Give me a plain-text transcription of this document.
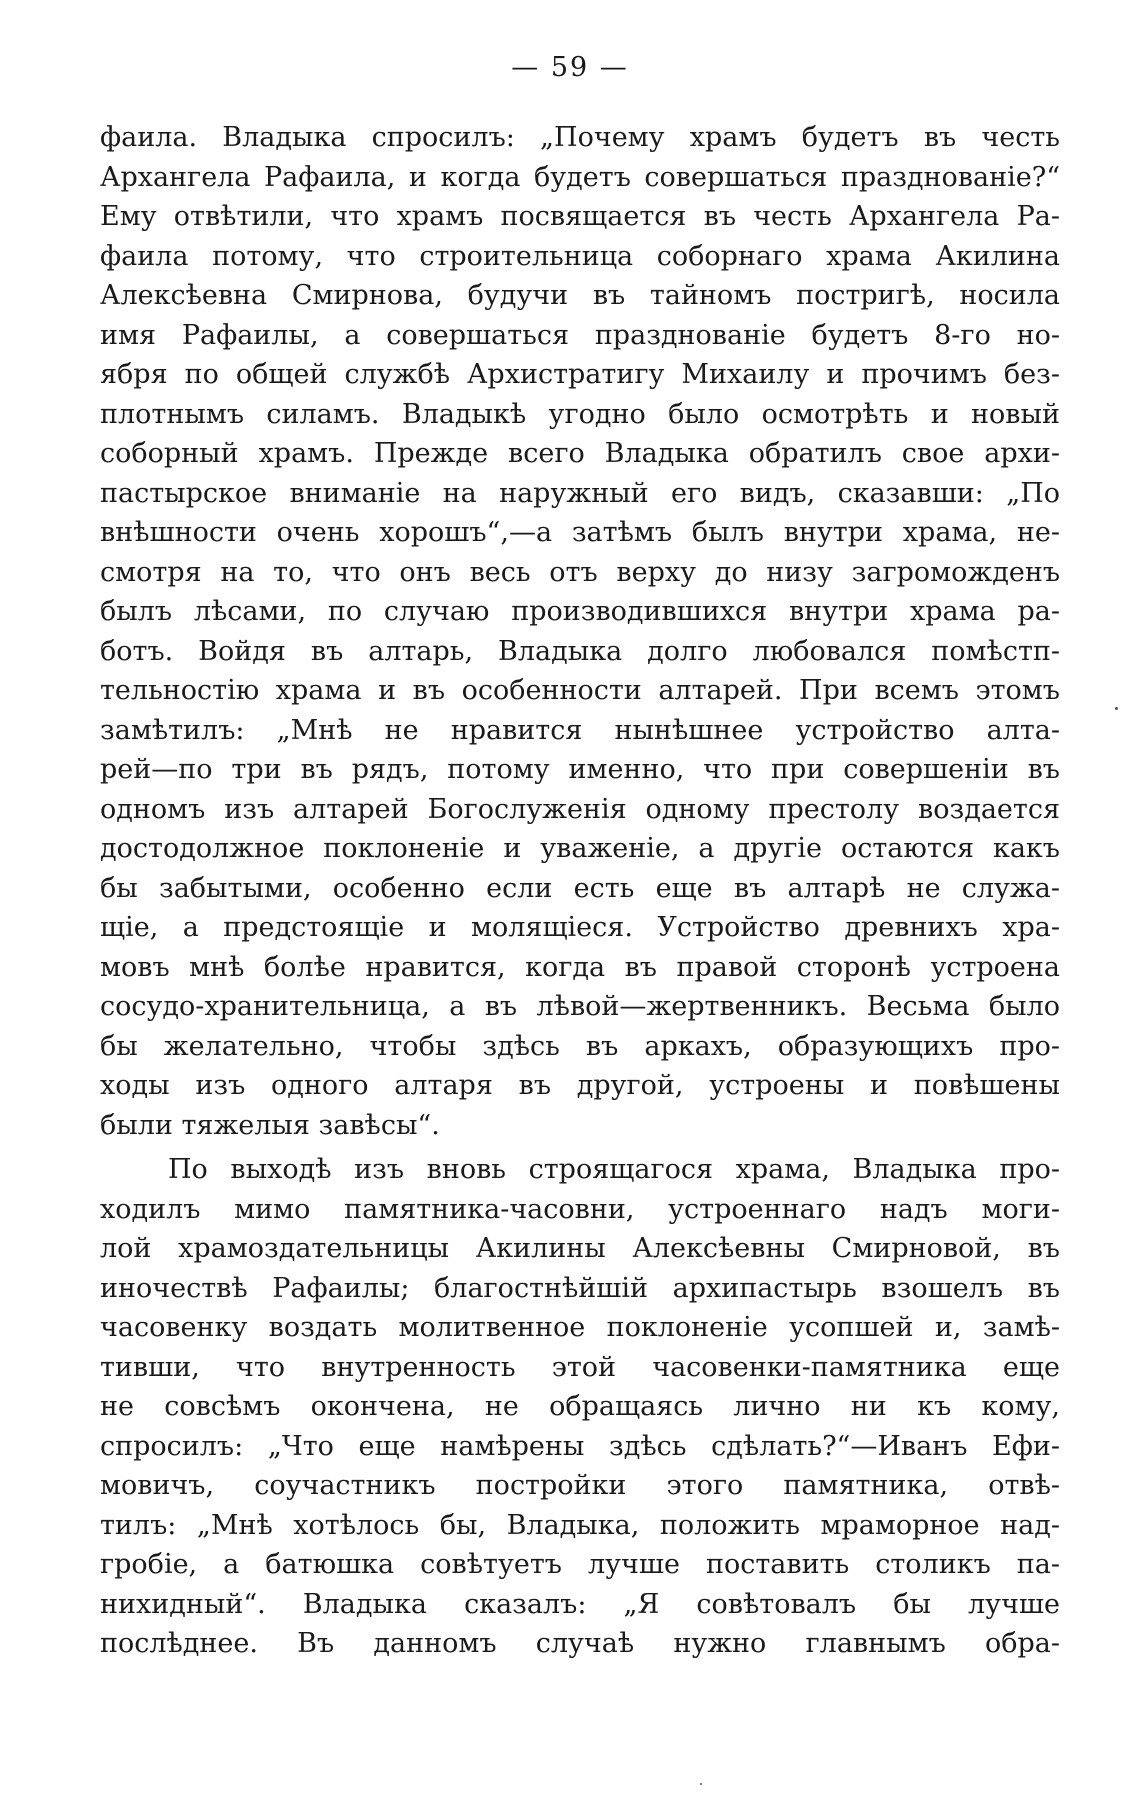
— 59 —
фаила. Владыка спросилъ: „Почему храмъ будетъ въ честь
Архангела Рафаила, и когда будетъ совершаться празднованіе?“
Ему отвѣтили, что храмъ посвящается въ честь Архангела Ра-
фаила потому, что строительница соборнаго храма Акилина
Алексѣевна Смирнова, будучи въ тайномъ постригѣ, носила
имя Рафаилы, а совершаться празднованіе будетъ 8-го но-
ября по общей службѣ Архистратигу Михаилу и прочимъ без-
плотнымъ силамъ. Владыкѣ угодно было осмотрѣть и новый
соборный храмъ. Прежде всего Владыка обратилъ свое архи-
пастырское вниманіе на наружный его видъ, сказавши: „По
внѣшности очень хорошъ“,—а затѣмъ былъ внутри храма, не-
смотря на то, что онъ весь отъ верху до низу загроможденъ
былъ лѣсами, по случаю производившихся внутри храма ра-
ботъ. Войдя въ алтарь, Владыка долго любовался помѣстп-
тельностію храма и въ особенности алтарей. При всемъ этомъ
замѣтилъ: „Мнѣ не нравится нынѣшнее устройство алта-
рей—по три въ рядъ, потому именно, что при совершеніи въ
одномъ изъ алтарей Богослуженія одному престолу воздается
достодолжное поклоненіе и уваженіе, а другіе остаются какъ
бы забытыми, особенно если есть еще въ алтарѣ не служа-
щіе, а предстоящіе и молящіеся. Устройство древнихъ хра-
мовъ мнѣ болѣе нравится, когда въ правой сторонѣ устроена
сосудо-хранительница, а въ лѣвой—жертвенникъ. Весьма было
бы желательно, чтобы здѣсь въ аркахъ, образующихъ про-
ходы изъ одного алтаря въ другой, устроены и повѣшены
были тяжелыя завѣсы“.
По выходѣ изъ вновь строящагося храма, Владыка про-
ходилъ мимо памятника-часовни, устроеннаго надъ моги-
лой храмоздательницы Акилины Алексѣевны Смирновой, въ
иночествѣ Рафаилы; благостнѣйшій архипастырь взошелъ въ
часовенку воздать молитвенное поклоненіе усопшей и, замѣ-
тивши, что внутренность этой часовенки-памятника еще
не совсѣмъ окончена, не обращаясь лично ни къ кому,
спросилъ: „Что еще намѣрены здѣсь сдѣлать?“—Иванъ Ефи-
мовичъ, соучастникъ постройки этого памятника, отвѣ-
тилъ: „Мнѣ хотѣлось бы, Владыка, положить мраморное над-
гробіе, а батюшка совѣтуетъ лучше поставить столикъ па-
нихидный“. Владыка сказалъ: „Я совѣтовалъ бы лучше
послѣднее. Въ данномъ случаѣ нужно главнымъ обра-
